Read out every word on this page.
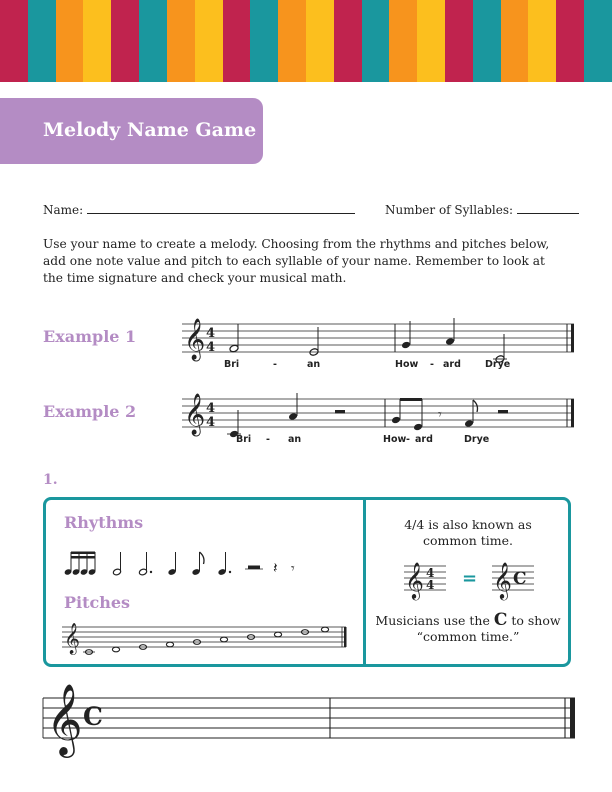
Melody Name Game
Name:	Number of Syllables:
Use your name to create a melody. Choosing from the rhythms and pitches below, add one note value and pitch to each syllable of your name. Remember to look at the time signature and check your musical math.
Example 1 𝄞 4
4
Bri	-	an	How - ard	Drye
Example 2 𝄞 4
4	𝄾
Bri - an	How - ard	Drye
1.
Rhythms
𝄽 𝄾
Pitches
𝄞
4/4 is also known as
common time.
𝄞 4
4 = 𝄞 C
Musicians use the C to show
“common time.”
𝄞 C
